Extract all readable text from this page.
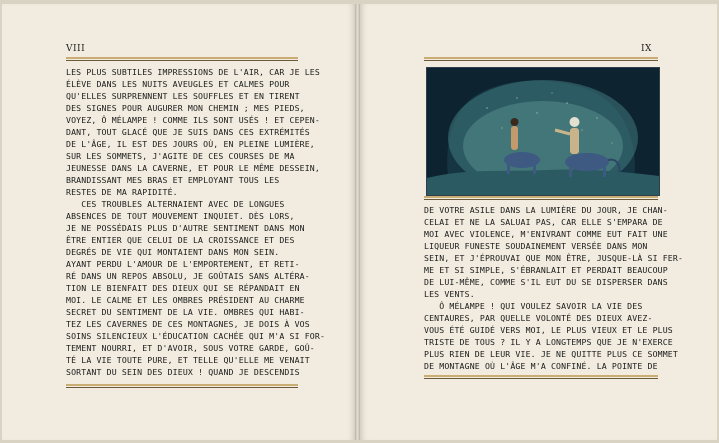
VIII
LES PLUS SUBTILES IMPRESSIONS DE L'AIR, CAR JE LES
ÉLÈVE DANS LES NUITS AVEUGLES ET CALMES POUR
QU'ELLES SURPRENNENT LES SOUFFLES ET EN TIRENT
DES SIGNES POUR AUGURER MON CHEMIN ; MES PIEDS,
VOYEZ, Ô MÉLAMPE ! COMME ILS SONT USÉS ! ET CEPEN-
DANT, TOUT GLACÉ QUE JE SUIS DANS CES EXTRÉMITÉS
DE L'ÂGE, IL EST DES JOURS OÙ, EN PLEINE LUMIÈRE,
SUR LES SOMMETS, J'AGITE DE CES COURSES DE MA
JEUNESSE DANS LA CAVERNE, ET POUR LE MÊME DESSEIN,
BRANDISSANT MES BRAS ET EMPLOYANT TOUS LES
RESTES DE MA RAPIDITÉ.
CES TROUBLES ALTERNAIENT AVEC DE LONGUES
ABSENCES DE TOUT MOUVEMENT INQUIET. DÈS LORS,
JE NE POSSÉDAIS PLUS D'AUTRE SENTIMENT DANS MON
ÊTRE ENTIER QUE CELUI DE LA CROISSANCE ET DES
DEGRÉS DE VIE QUI MONTAIENT DANS MON SEIN.
AYANT PERDU L'AMOUR DE L'EMPORTEMENT, ET RETI-
RÉ DANS UN REPOS ABSOLU, JE GOÛTAIS SANS ALTÉRA-
TION LE BIENFAIT DES DIEUX QUI SE RÉPANDAIT EN
MOI. LE CALME ET LES OMBRES PRÉSIDENT AU CHARME
SECRET DU SENTIMENT DE LA VIE. OMBRES QUI HABI-
TEZ LES CAVERNES DE CES MONTAGNES, JE DOIS À VOS
SOINS SILENCIEUX L'ÉDUCATION CACHÉE QUI M'A SI FOR-
TEMENT NOURRI, ET D'AVOIR, SOUS VOTRE GARDE, GOÛ-
TÉ LA VIE TOUTE PURE, ET TELLE QU'ELLE ME VENAIT
SORTANT DU SEIN DES DIEUX ! QUAND JE DESCENDIS
IX
DE VOTRE ASILE DANS LA LUMIÈRE DU JOUR, JE CHAN-
CELAI ET NE LA SALUAI PAS, CAR ELLE S'EMPARA DE
MOI AVEC VIOLENCE, M'ENIVRANT COMME EUT FAIT UNE
LIQUEUR FUNESTE SOUDAINEMENT VERSÉE DANS MON
SEIN, ET J'ÉPROUVAI QUE MON ÊTRE, JUSQUE-LÀ SI FER-
ME ET SI SIMPLE, S'ÉBRANLAIT ET PERDAIT BEAUCOUP
DE LUI-MÊME, COMME S'IL EUT DU SE DISPERSER DANS
LES VENTS.
Ô MÉLAMPE ! QUI VOULEZ SAVOIR LA VIE DES
CENTAURES, PAR QUELLE VOLONTÉ DES DIEUX AVEZ-
VOUS ÉTÉ GUIDÉ VERS MOI, LE PLUS VIEUX ET LE PLUS
TRISTE DE TOUS ? IL Y A LONGTEMPS QUE JE N'EXERCE
PLUS RIEN DE LEUR VIE. JE NE QUITTE PLUS CE SOMMET
DE MONTAGNE OÙ L'ÂGE M'A CONFINÉ. LA POINTE DE
